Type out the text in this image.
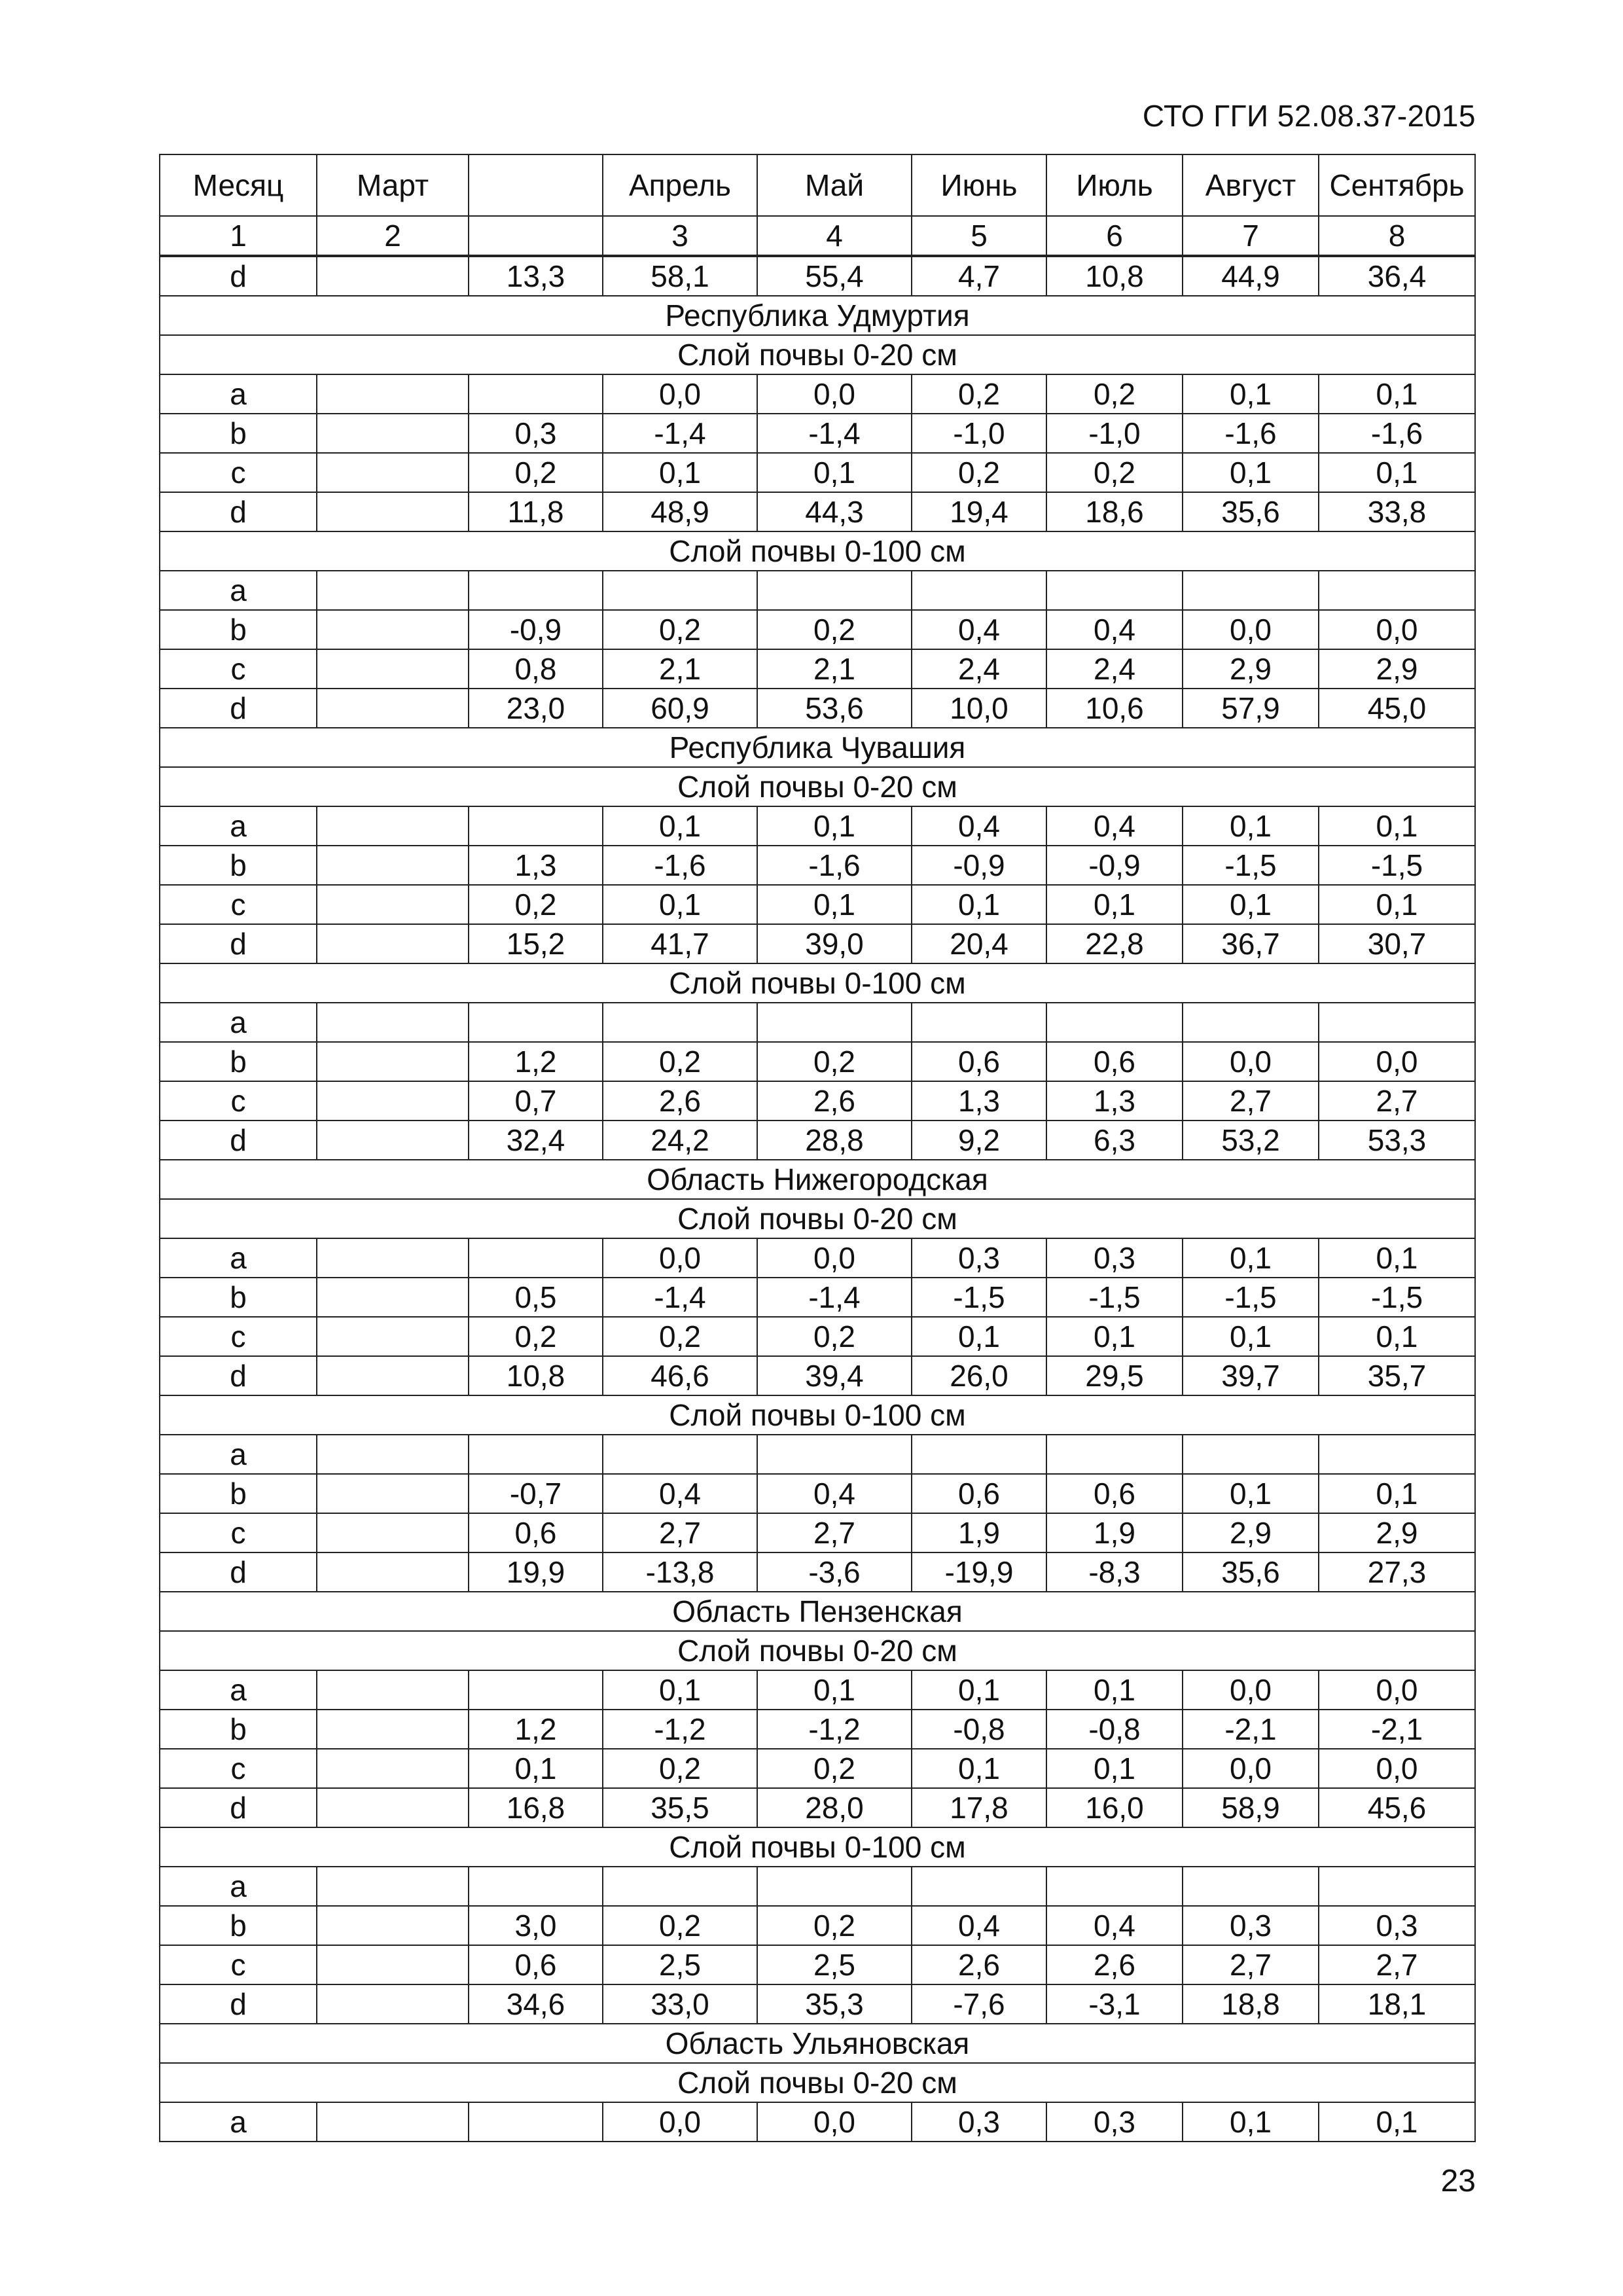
СТО ГГИ 52.08.37-2015
Месяц	Март		Апрель	Май	Июнь	Июль	Август	Сентябрь
1	2		3	4	5	6	7	8
d		13,3	58,1	55,4	4,7	10,8	44,9	36,4
Республика Удмуртия								
Слой почвы 0-20 см								
a			0,0	0,0	0,2	0,2	0,1	0,1
b		0,3	-1,4	-1,4	-1,0	-1,0	-1,6	-1,6
c		0,2	0,1	0,1	0,2	0,2	0,1	0,1
d		11,8	48,9	44,3	19,4	18,6	35,6	33,8
Слой почвы 0-100 см								
a								
b		-0,9	0,2	0,2	0,4	0,4	0,0	0,0
c		0,8	2,1	2,1	2,4	2,4	2,9	2,9
d		23,0	60,9	53,6	10,0	10,6	57,9	45,0
Республика Чувашия								
Слой почвы 0-20 см								
a			0,1	0,1	0,4	0,4	0,1	0,1
b		1,3	-1,6	-1,6	-0,9	-0,9	-1,5	-1,5
c		0,2	0,1	0,1	0,1	0,1	0,1	0,1
d		15,2	41,7	39,0	20,4	22,8	36,7	30,7
Слой почвы 0-100 см								
a								
b		1,2	0,2	0,2	0,6	0,6	0,0	0,0
c		0,7	2,6	2,6	1,3	1,3	2,7	2,7
d		32,4	24,2	28,8	9,2	6,3	53,2	53,3
Область Нижегородская								
Слой почвы 0-20 см								
a			0,0	0,0	0,3	0,3	0,1	0,1
b		0,5	-1,4	-1,4	-1,5	-1,5	-1,5	-1,5
c		0,2	0,2	0,2	0,1	0,1	0,1	0,1
d		10,8	46,6	39,4	26,0	29,5	39,7	35,7
Слой почвы 0-100 см								
a								
b		-0,7	0,4	0,4	0,6	0,6	0,1	0,1
c		0,6	2,7	2,7	1,9	1,9	2,9	2,9
d		19,9	-13,8	-3,6	-19,9	-8,3	35,6	27,3
Область Пензенская								
Слой почвы 0-20 см								
a			0,1	0,1	0,1	0,1	0,0	0,0
b		1,2	-1,2	-1,2	-0,8	-0,8	-2,1	-2,1
c		0,1	0,2	0,2	0,1	0,1	0,0	0,0
d		16,8	35,5	28,0	17,8	16,0	58,9	45,6
Слой почвы 0-100 см								
a								
b		3,0	0,2	0,2	0,4	0,4	0,3	0,3
c		0,6	2,5	2,5	2,6	2,6	2,7	2,7
d		34,6	33,0	35,3	-7,6	-3,1	18,8	18,1
Область Ульяновская								
Слой почвы 0-20 см								
a			0,0	0,0	0,3	0,3	0,1	0,1
23
